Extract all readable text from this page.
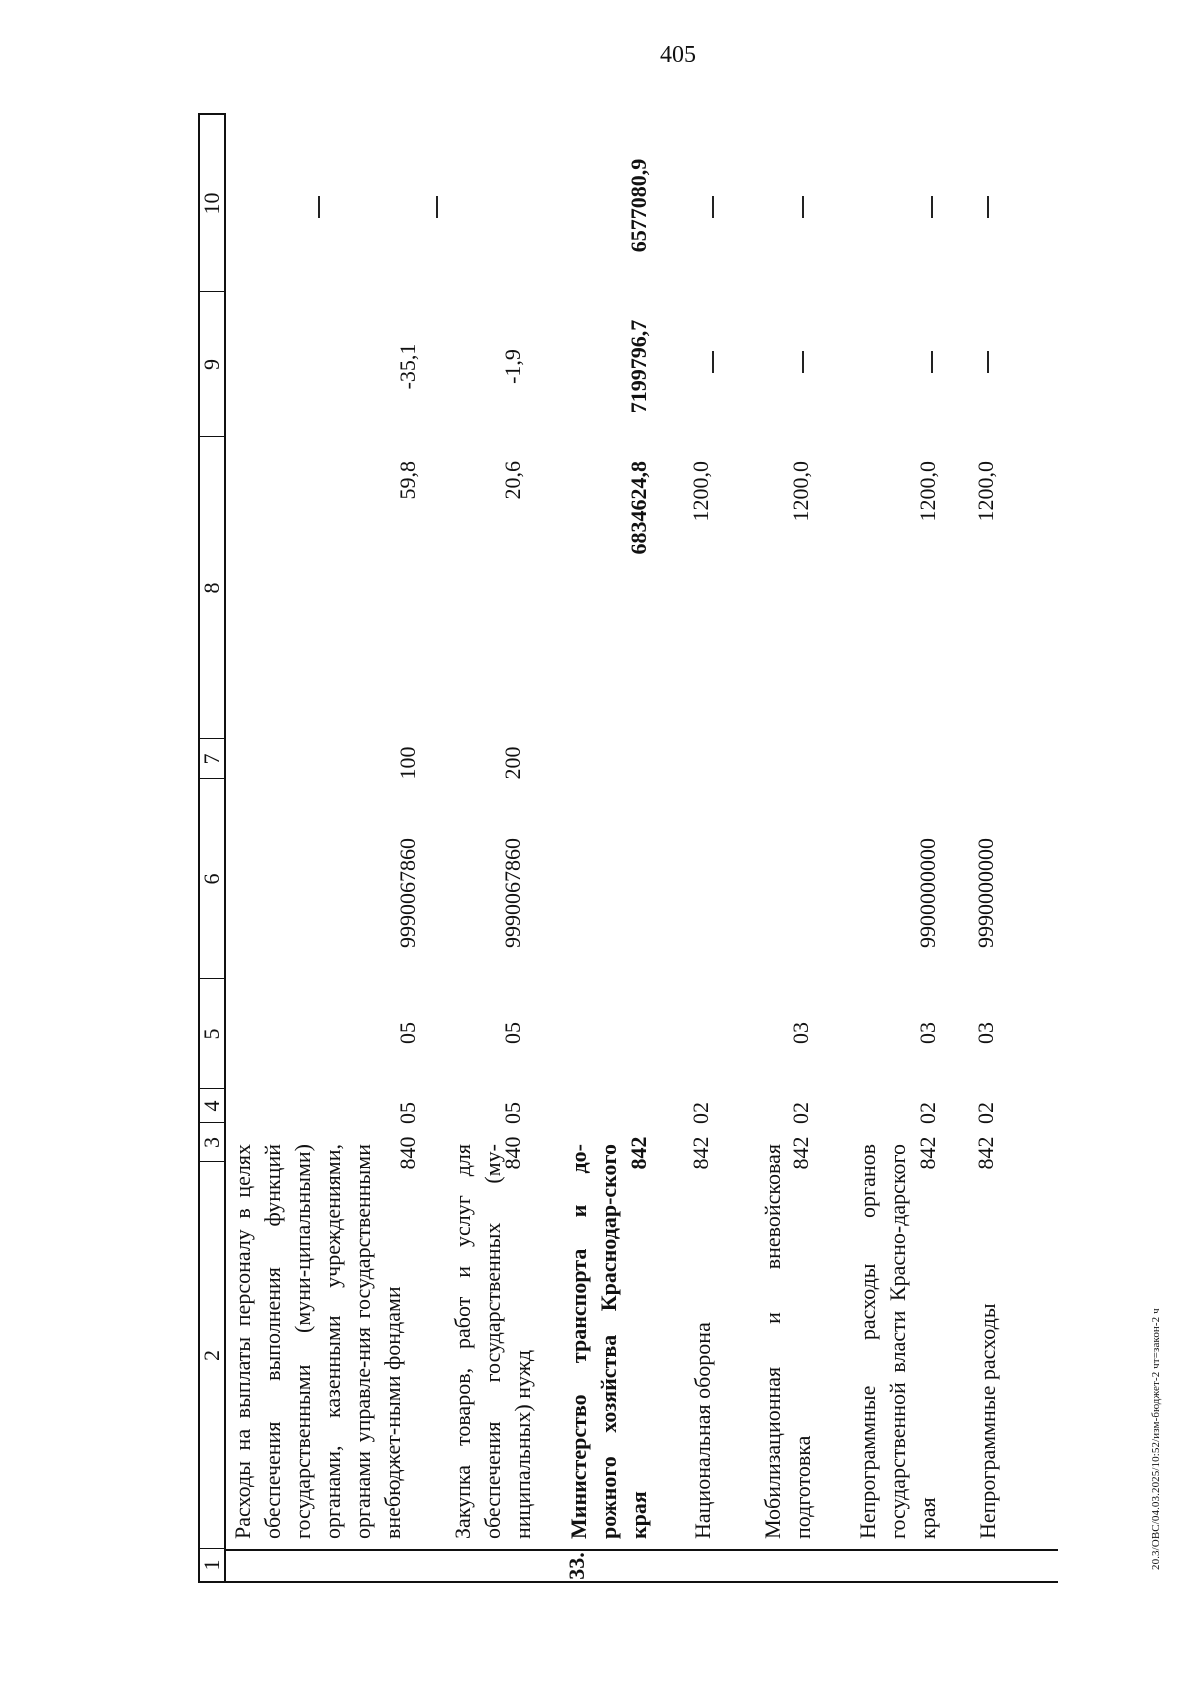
405
20.3/ОВС/04.03.2025/10:52/изм-бюджет-2 чт=закон-2 ч
1
2
3
4
5
6
7
8
9
10
Расходы на выплаты персоналу в целях обеспечения выполнения функций государственными (муни-ципальными) органами, казенными учреждениями, органами управле-ния государственными внебюджет-ными фондами
840
05
05
9990067860
100
59,8
-35,1
Закупка товаров, работ и услуг для обеспечения государственных (му-ниципальных) нужд
840
05
05
9990067860
200
20,6
-1,9
33.
Министерство транспорта и до-рожного хозяйства Краснодар-ского края
842
6834624,8
7199796,7
6577080,9
Национальная оборона
842
02
1200,0
Мобилизационная и вневойсковая подготовка
842
02
03
1200,0
Непрограммные расходы органов государственной власти Красно-дарского края
842
02
03
9900000000
1200,0
Непрограммные расходы
842
02
03
9990000000
1200,0
